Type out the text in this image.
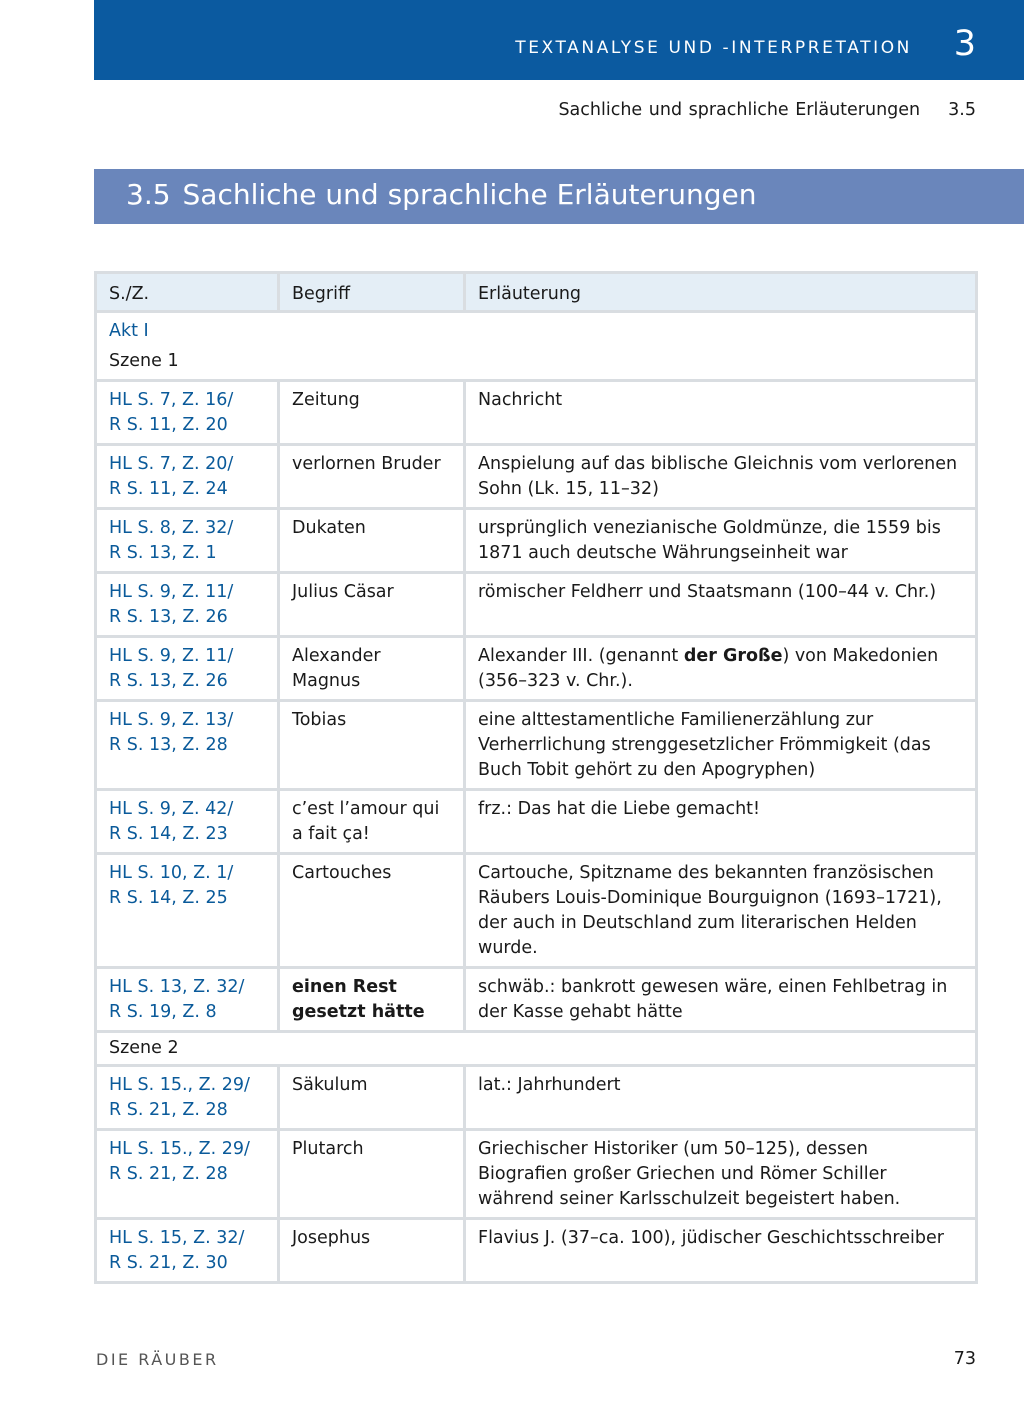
TEXTANALYSE UND -INTERPRETATION 3
Sachliche und sprachliche Erläuterungen 3.5
3.5 Sachliche und sprachliche Erläuterungen
S./Z.	Begriff	Erläuterung

Akt I
Szene 1		

HL S. 7, Z. 16/
R S. 11, Z. 20	Zeitung	Nachricht

HL S. 7, Z. 20/
R S. 11, Z. 24	verlornen Bruder	Anspielung auf das biblische Gleichnis vom verlorenen Sohn (Lk. 15, 11–32)

HL S. 8, Z. 32/
R S. 13, Z. 1	Dukaten	ursprünglich venezianische Goldmünze, die 1559 bis 1871 auch deutsche Währungseinheit war

HL S. 9, Z. 11/
R S. 13, Z. 26	Julius Cäsar	römischer Feldherr und Staatsmann (100–44 v. Chr.)

HL S. 9, Z. 11/
R S. 13, Z. 26	Alexander Magnus	Alexander III. (genannt der Große) von Makedonien (356–323 v. Chr.).

HL S. 9, Z. 13/
R S. 13, Z. 28	Tobias	eine alttestamentliche Familienerzählung zur Verherrlichung strenggesetzlicher Frömmigkeit (das Buch Tobit gehört zu den Apogryphen)

HL S. 9, Z. 42/
R S. 14, Z. 23	c’est l’amour qui a fait ça!	frz.: Das hat die Liebe gemacht!

HL S. 10, Z. 1/
R S. 14, Z. 25	Cartouches	Cartouche, Spitzname des bekannten französischen Räubers Louis-Dominique Bourguignon (1693–1721), der auch in Deutschland zum literarischen Helden wurde.

HL S. 13, Z. 32/
R S. 19, Z. 8	einen Rest gesetzt hätte	schwäb.: bankrott gewesen wäre, einen Fehlbetrag in der Kasse gehabt hätte
Szene 2		

HL S. 15., Z. 29/
R S. 21, Z. 28	Säkulum	lat.: Jahrhundert

HL S. 15., Z. 29/
R S. 21, Z. 28	Plutarch	Griechischer Historiker (um 50–125), dessen Biografien großer Griechen und Römer Schiller während seiner Karlsschulzeit begeistert haben.

HL S. 15, Z. 32/
R S. 21, Z. 30	Josephus	Flavius J. (37–ca. 100), jüdischer Geschichtsschreiber
DIE RÄUBER	73
